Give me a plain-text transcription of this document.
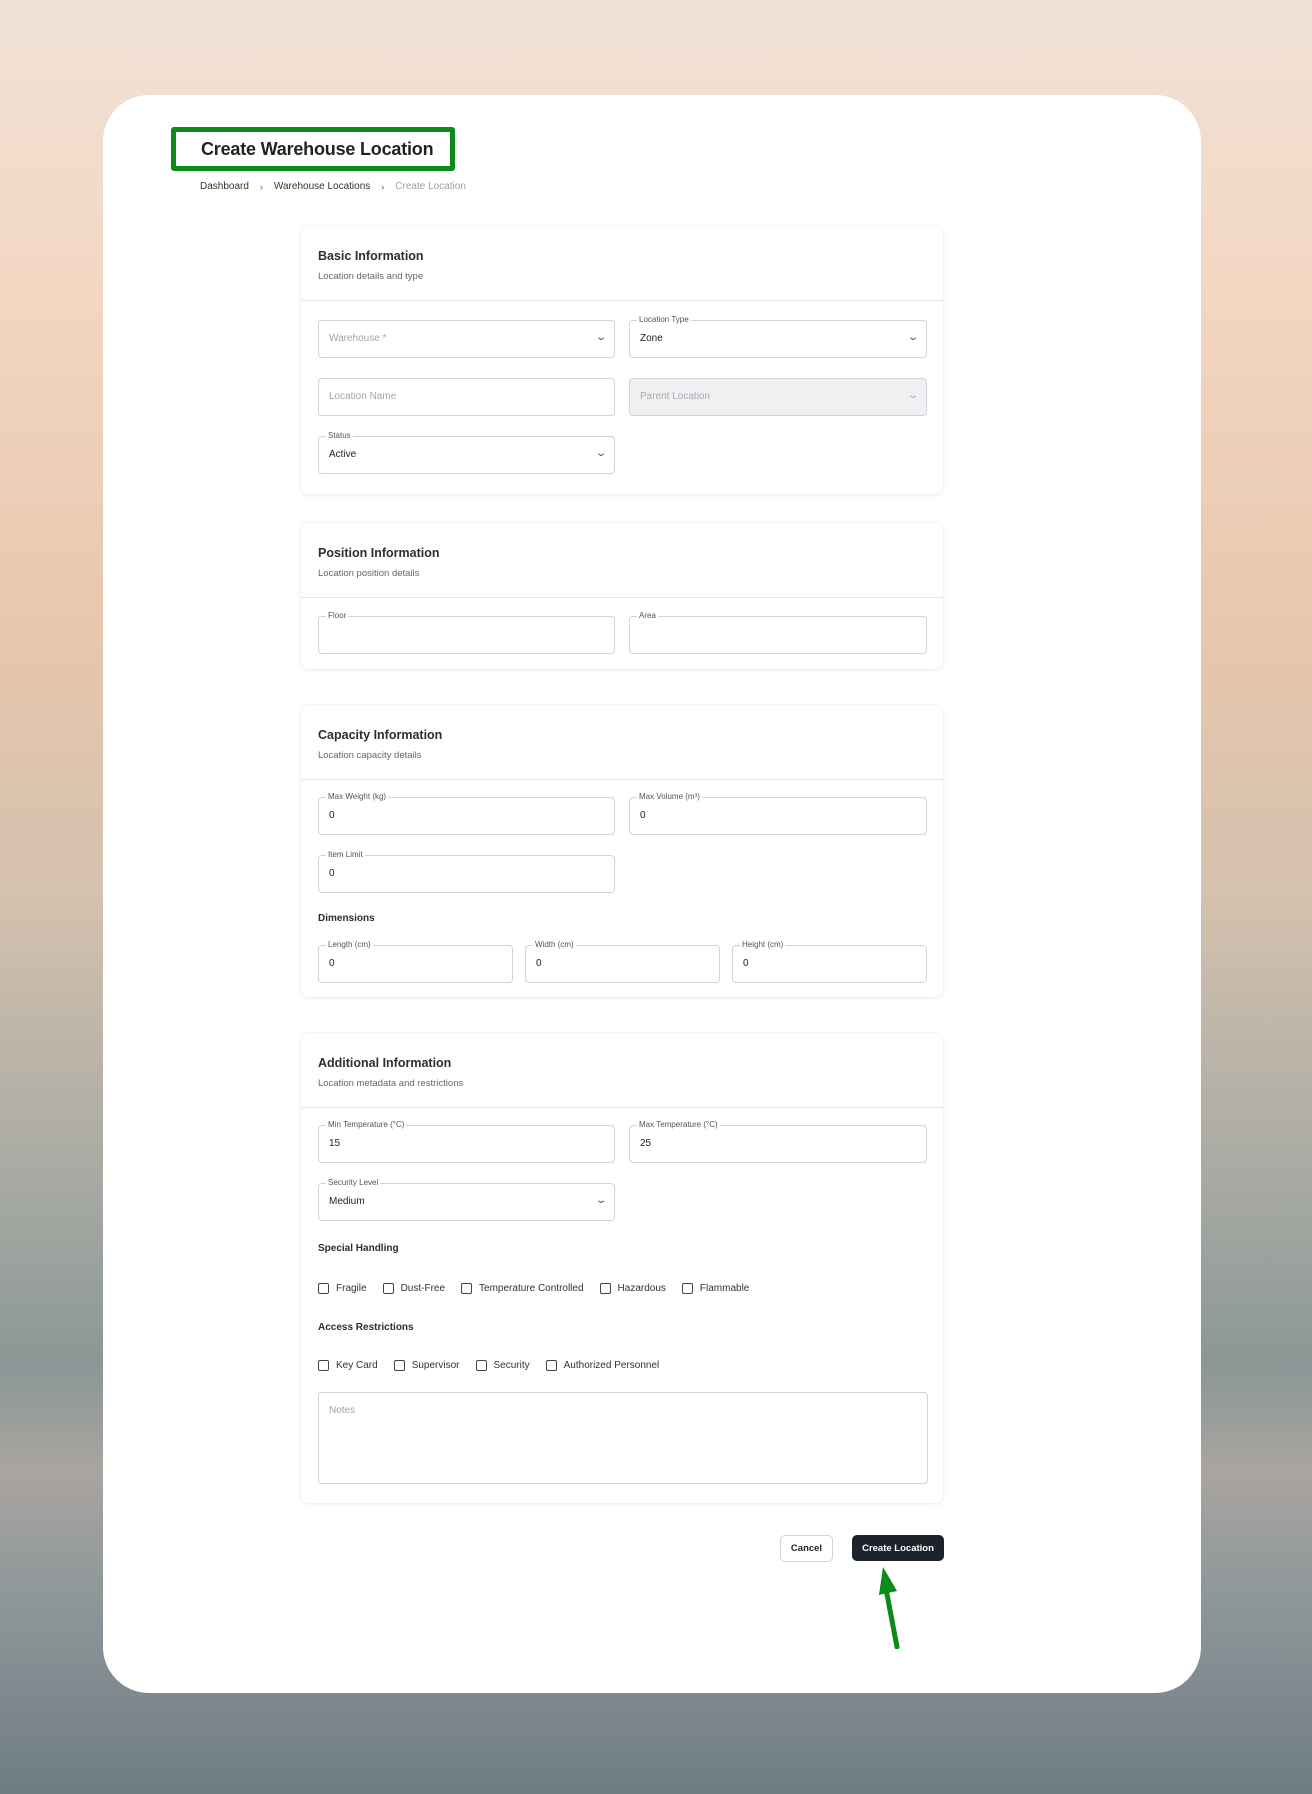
Create Warehouse Location
Dashboard › Warehouse Locations › Create Location
Basic Information
Location details and type
Warehouse *	⌄
Location Type
Zone	⌄
Location Name	Parent Location	⌄
Status
Active	⌄
Position Information
Location position details
Floor	Area
Capacity Information
Location capacity details
Max Weight (kg)
0
Max Volume (m³)
0
Item Limit
0
Dimensions
Length (cm)
0
Width (cm)
0
Height (cm)
0
Additional Information
Location metadata and restrictions
Min Temperature (°C)
15
Max Temperature (°C)
25
Security Level
Medium	⌄
Special Handling
Fragile	Dust-Free	Temperature Controlled	Hazardous	Flammable
Access Restrictions
Key Card	Supervisor	Security	Authorized Personnel
Notes
Cancel	Create Location
